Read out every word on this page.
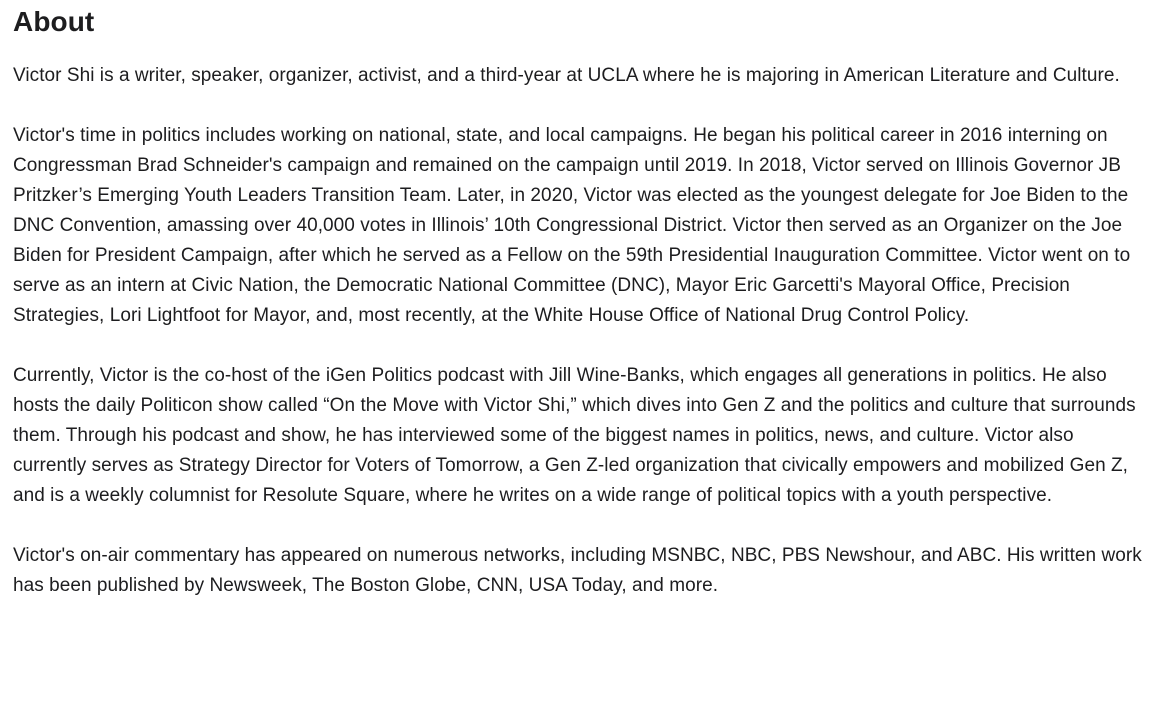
About

Victor Shi is a writer, speaker, organizer, activist, and a third-year at UCLA where he is majoring in American Literature and Culture.

Victor's time in politics includes working on national, state, and local campaigns. He began his political career in 2016 interning on Congressman Brad Schneider's campaign and remained on the campaign until 2019. In 2018, Victor served on Illinois Governor JB Pritzker’s Emerging Youth Leaders Transition Team. Later, in 2020, Victor was elected as the youngest delegate for Joe Biden to the DNC Convention, amassing over 40,000 votes in Illinois’ 10th Congressional District. Victor then served as an Organizer on the Joe Biden for President Campaign, after which he served as a Fellow on the 59th Presidential Inauguration Committee. Victor went on to serve as an intern at Civic Nation, the Democratic National Committee (DNC), Mayor Eric Garcetti's Mayoral Office, Precision Strategies, Lori Lightfoot for Mayor, and, most recently, at the White House Office of National Drug Control Policy.

Currently, Victor is the co-host of the iGen Politics podcast with Jill Wine-Banks, which engages all generations in politics. He also hosts the daily Politicon show called “On the Move with Victor Shi,” which dives into Gen Z and the politics and culture that surrounds them. Through his podcast and show, he has interviewed some of the biggest names in politics, news, and culture. Victor also currently serves as Strategy Director for Voters of Tomorrow, a Gen Z-led organization that civically empowers and mobilized Gen Z, and is a weekly columnist for Resolute Square, where he writes on a wide range of political topics with a youth perspective.

Victor's on-air commentary has appeared on numerous networks, including MSNBC, NBC, PBS Newshour, and ABC. His written work has been published by Newsweek, The Boston Globe, CNN, USA Today, and more.
